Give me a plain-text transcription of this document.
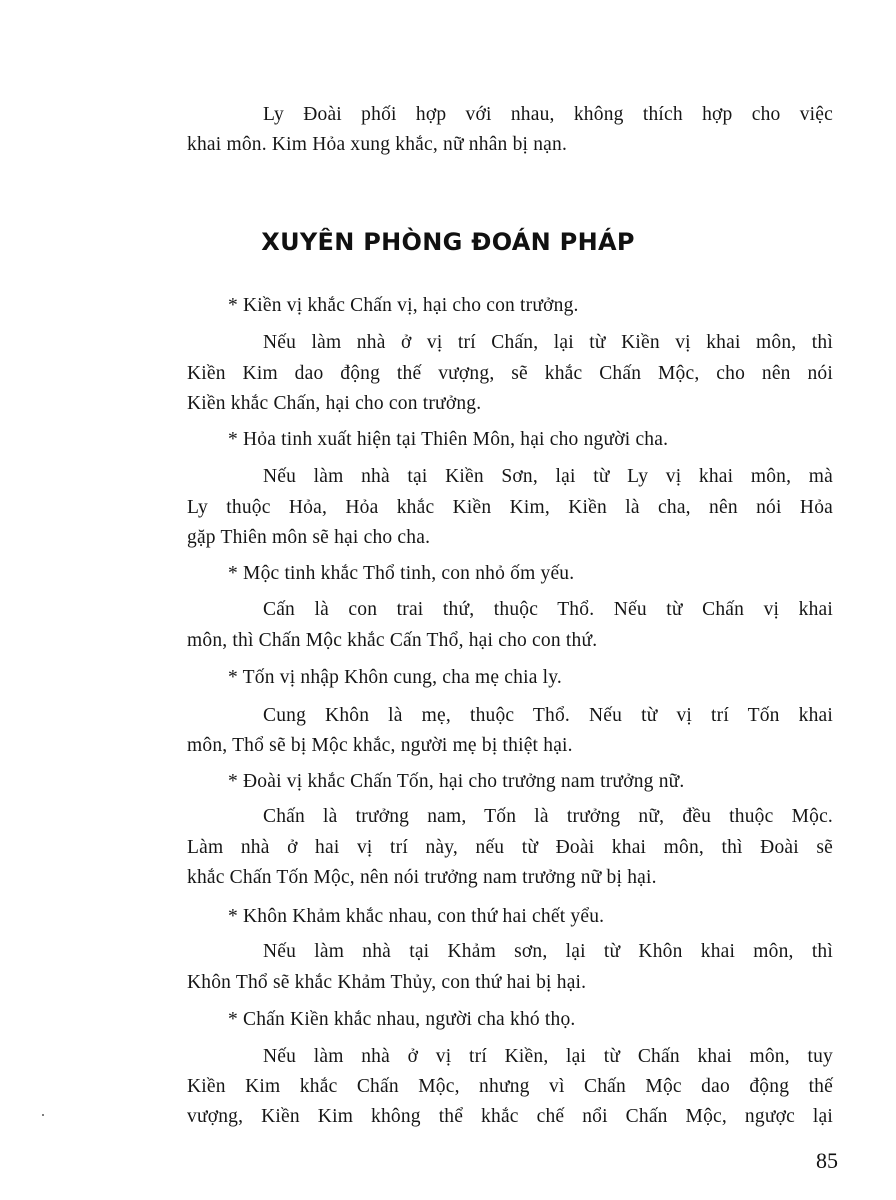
Ly Đoài phối hợp với nhau, không thích hợp cho việc
khai môn. Kim Hỏa xung khắc, nữ nhân bị nạn.
XUYÊN PHÒNG ĐOÁN PHÁP
* Kiền vị khắc Chấn vị, hại cho con trưởng.
Nếu làm nhà ở vị trí Chấn, lại từ Kiền vị khai môn, thì
Kiền Kim dao động thế vượng, sẽ khắc Chấn Mộc, cho nên nói
Kiền khắc Chấn, hại cho con trưởng.
* Hỏa tinh xuất hiện tại Thiên Môn, hại cho người cha.
Nếu làm nhà tại Kiền Sơn, lại từ Ly vị khai môn, mà
Ly thuộc Hỏa, Hỏa khắc Kiền Kim, Kiền là cha, nên nói Hỏa
gặp Thiên môn sẽ hại cho cha.
* Mộc tinh khắc Thổ tinh, con nhỏ ốm yếu.
Cấn là con trai thứ, thuộc Thổ. Nếu từ Chấn vị khai
môn, thì Chấn Mộc khắc Cấn Thổ, hại cho con thứ.
* Tốn vị nhập Khôn cung, cha mẹ chia ly.
Cung Khôn là mẹ, thuộc Thổ. Nếu từ vị trí Tốn khai
môn, Thổ sẽ bị Mộc khắc, người mẹ bị thiệt hại.
* Đoài vị khắc Chấn Tốn, hại cho trưởng nam trưởng nữ.
Chấn là trưởng nam, Tốn là trưởng nữ, đều thuộc Mộc.
Làm nhà ở hai vị trí này, nếu từ Đoài khai môn, thì Đoài sẽ
khắc Chấn Tốn Mộc, nên nói trưởng nam trưởng nữ bị hại.
* Khôn Khảm khắc nhau, con thứ hai chết yểu.
Nếu làm nhà tại Khảm sơn, lại từ Khôn khai môn, thì
Khôn Thổ sẽ khắc Khảm Thủy, con thứ hai bị hại.
* Chấn Kiền khắc nhau, người cha khó thọ.
Nếu làm nhà ở vị trí Kiền, lại từ Chấn khai môn, tuy
Kiền Kim khắc Chấn Mộc, nhưng vì Chấn Mộc dao động thế
vượng, Kiền Kim không thể khắc chế nổi Chấn Mộc, ngược lại
85
